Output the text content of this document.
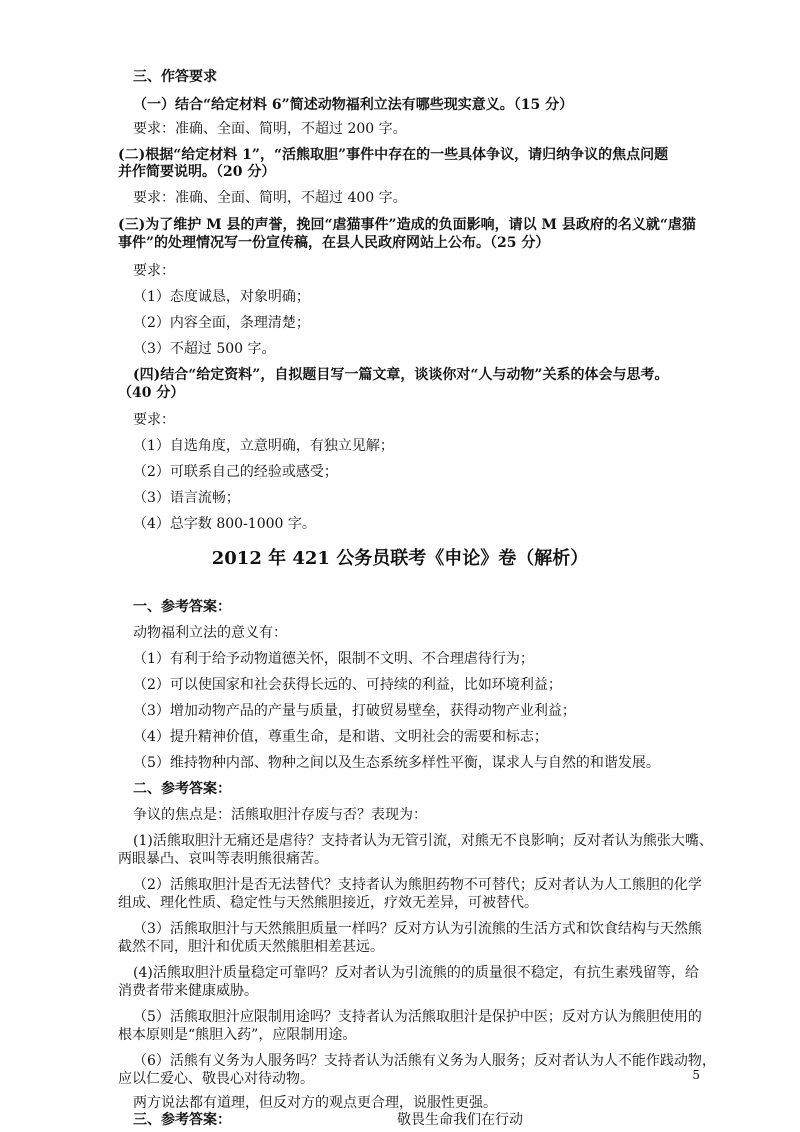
三、作答要求
（一）结合“给定材料 6”简述动物福利立法有哪些现实意义。（15 分）
要求：准确、全面、简明，不超过 200 字。
(二)根据“给定材料 1”，“活熊取胆”事件中存在的一些具体争议，请归纳争议的焦点问题
并作简要说明。（20 分）
要求：准确、全面、简明，不超过 400 字。
(三)为了维护 M 县的声誉，挽回“虐猫事件”造成的负面影响，请以 M 县政府的名义就“虐猫
事件”的处理情况写一份宣传稿，在县人民政府网站上公布。（25 分）
要求：
（1）态度诚恳，对象明确；
（2）内容全面，条理清楚；
（3）不超过 500 字。
(四)结合“给定资料”，自拟题目写一篇文章，谈谈你对“人与动物”关系的体会与思考。
（40 分）
要求：
（1）自选角度，立意明确，有独立见解；
（2）可联系自己的经验或感受；
（3）语言流畅；
（4）总字数 800-1000 字。
2012 年 421 公务员联考《申论》卷（解析）
一、参考答案：
动物福利立法的意义有：
（1）有利于给予动物道德关怀，限制不文明、不合理虐待行为；
（2）可以使国家和社会获得长远的、可持续的利益，比如环境利益；
（3）增加动物产品的产量与质量，打破贸易壁垒，获得动物产业利益；
（4）提升精神价值，尊重生命，是和谐、文明社会的需要和标志；
（5）维持物种内部、物种之间以及生态系统多样性平衡，谋求人与自然的和谐发展。
二、参考答案：
争议的焦点是：活熊取胆汁存废与否？表现为：
(1)活熊取胆汁无痛还是虐待？支持者认为无管引流，对熊无不良影响；反对者认为熊张大嘴、
两眼暴凸、哀叫等表明熊很痛苦。
（2）活熊取胆汁是否无法替代？支持者认为熊胆药物不可替代；反对者认为人工熊胆的化学
组成、理化性质、稳定性与天然熊胆接近，疗效无差异，可被替代。
（3）活熊取胆汁与天然熊胆质量一样吗？反对方认为引流熊的生活方式和饮食结构与天然熊
截然不同，胆汁和优质天然熊胆相差甚远。
(4)活熊取胆汁质量稳定可靠吗？反对者认为引流熊的的质量很不稳定，有抗生素残留等，给
消费者带来健康威胁。
（5）活熊取胆汁应限制用途吗？支持者认为活熊取胆汁是保护中医；反对方认为熊胆使用的
根本原则是“熊胆入药”，应限制用途。
（6）活熊有义务为人服务吗？支持者认为活熊有义务为人服务；反对者认为人不能作践动物，
应以仁爱心、敬畏心对待动物。
两方说法都有道理，但反对方的观点更合理，说服性更强。
三、参考答案：	敬畏生命我们在行动
5
